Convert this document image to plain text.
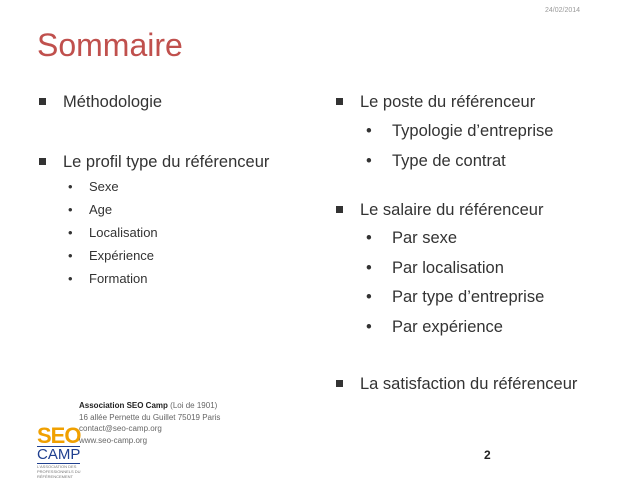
24/02/2014
Sommaire
Méthodologie
Le profil type du référenceur
• Sexe
• Age
• Localisation
• Expérience
• Formation
Le poste du référenceur
• Typologie d’entreprise
• Type de contrat
Le salaire du référenceur
• Par sexe
• Par localisation
• Par type d’entreprise
• Par expérience
La satisfaction du référenceur
SEO
CAMP
L'ASSOCIATION DES PROFESSIONNELS DU RÉFÉRENCEMENT
Association SEO Camp (Loi de 1901)
16 allée Pernette du Guillet 75019 Paris
contact@seo-camp.org
www.seo-camp.org
2
